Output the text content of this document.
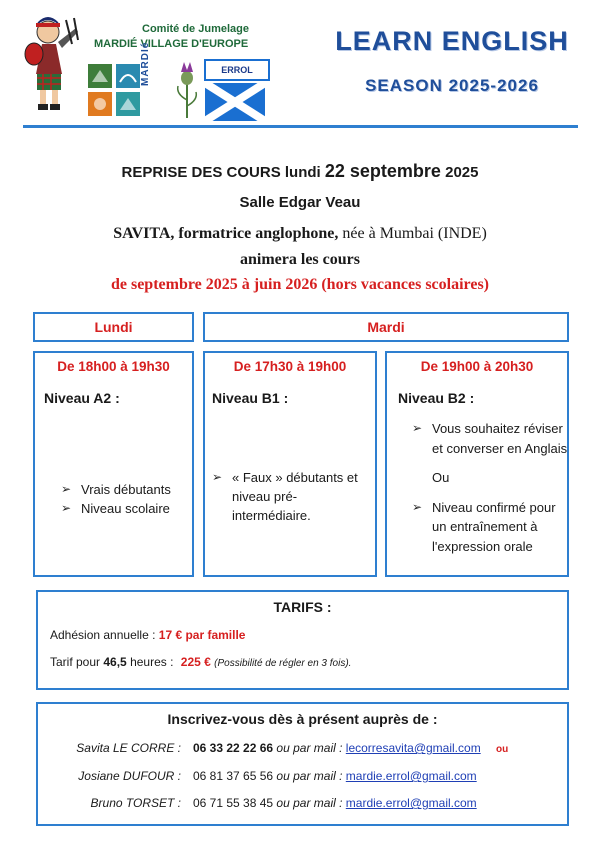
Comité de Jumelage
MARDIÉ VILLAGE D'EUROPE
MARDIé	ERROL
LEARN ENGLISH
SEASON 2025-2026
REPRISE DES COURS lundi 22 septembre 2025
Salle Edgar Veau
SAVITA, formatrice anglophone, née à Mumbai (INDE)
animera les cours
de septembre 2025 à juin 2026 (hors vacances scolaires)
Lundi	Mardi
De 18h00 à 19h30
Niveau A2 :
➢ Vrais débutants
➢ Niveau scolaire
De 17h30 à 19h00
Niveau B1 :
➢ « Faux » débutants et niveau pré-intermédiaire.
De 19h00 à 20h30
Niveau B2 :
➢ Vous souhaitez réviser et converser en Anglais
Ou
➢ Niveau confirmé pour un entraînement à l'expression orale
TARIFS :
Adhésion annuelle : 17 € par famille
Tarif pour 46,5 heures : 225 € (Possibilité de régler en 3 fois).
Inscrivez-vous dès à présent auprès de :
Savita LE CORRE : 06 33 22 22 66 ou par mail : lecorresavita@gmail.com ou
Josiane DUFOUR : 06 81 37 65 56 ou par mail : mardie.errol@gmail.com
Bruno TORSET : 06 71 55 38 45 ou par mail : mardie.errol@gmail.com
